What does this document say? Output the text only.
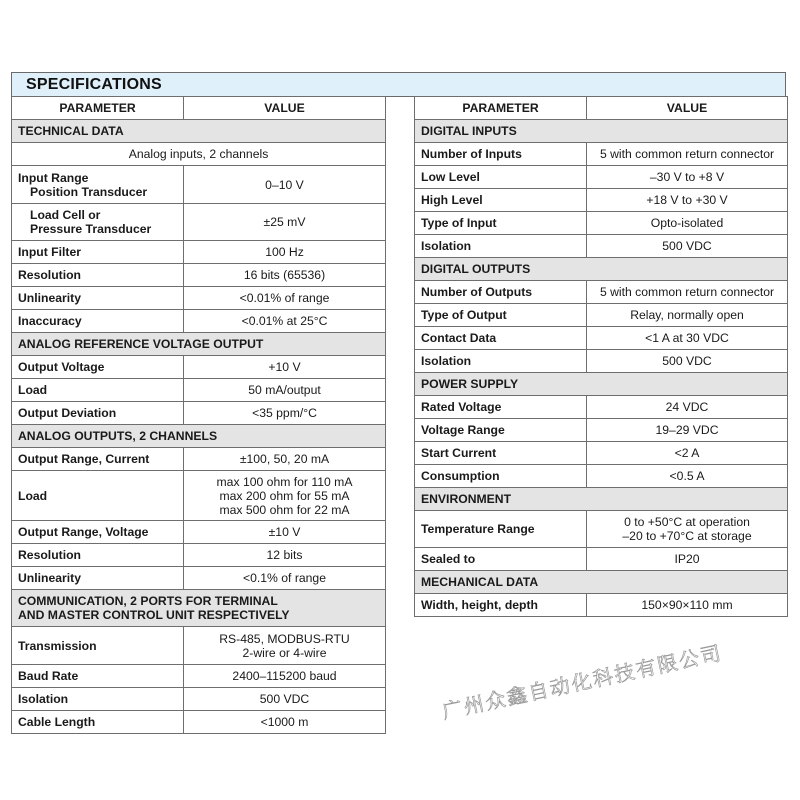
SPECIFICATIONS
PARAMETER	VALUE
TECHNICAL DATA	
Analog inputs, 2 channels	

Input Range
Position Transducer	0–10 V

Load Cell or
Pressure Transducer	±25 mV
Input Filter	100 Hz
Resolution	16 bits (65536)
Unlinearity	<0.01% of range
Inaccuracy	<0.01% at 25°C
ANALOG REFERENCE VOLTAGE OUTPUT	
Output Voltage	+10 V
Load	50 mA/output
Output Deviation	<35 ppm/°C
ANALOG OUTPUTS, 2 CHANNELS	
Output Range, Current	±100, 50, 20 mA
Load	max 100 ohm for 110 mA
max 200 ohm for 55 mA
max 500 ohm for 22 mA

Output Range, Voltage	±10 V
Resolution	12 bits
Unlinearity	<0.1% of range

COMMUNICATION, 2 PORTS FOR TERMINAL
AND MASTER CONTROL UNIT RESPECTIVELY	

Transmission	RS-485, MODBUS-RTU
2-wire or 4-wire

Baud Rate	2400–115200 baud
Isolation	500 VDC
Cable Length	<1000 m
PARAMETER	VALUE
DIGITAL INPUTS	
Number of Inputs	5 with common return connector
Low Level	–30 V to +8 V
High Level	+18 V to +30 V
Type of Input	Opto-isolated
Isolation	500 VDC
DIGITAL OUTPUTS	
Number of Outputs	5 with common return connector
Type of Output	Relay, normally open
Contact Data	<1 A at 30 VDC
Isolation	500 VDC
POWER SUPPLY	
Rated Voltage	24 VDC
Voltage Range	19–29 VDC
Start Current	<2 A
Consumption	<0.5 A
ENVIRONMENT	
Temperature Range	0 to +50°C at operation
–20 to +70°C at storage

Sealed to	IP20
MECHANICAL DATA	
Width, height, depth	150×90×110 mm
广州众鑫自动化科技有限公司
